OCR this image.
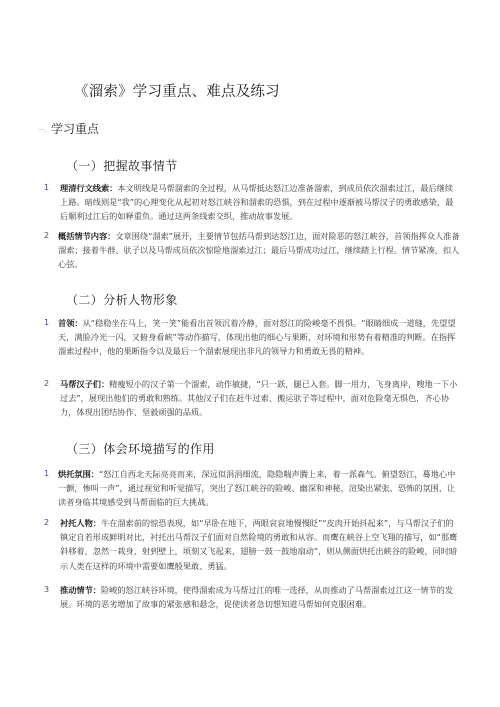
《溜索》学习重点、难点及练习
一、学习重点
（一）把握故事情节
1	理清行文线索：本文明线是马帮溜索的全过程，从马帮抵达怒江边准备溜索，到成员依次溜索过江，最后继续上路。暗线则是“我”的心理变化从起初对怒江峡谷和溜索的恐惧，到在过程中逐渐被马帮汉子的勇敢感染，最后顺利过江后的如释重负。通过这两条线索交织，推动故事发展。
2	概括情节内容：文章围绕“溜索”展开，主要情节包括马帮到达怒江边，面对险恶的怒江峡谷，首领指挥众人准备溜索；接着牛群、驮子以及马帮成员依次惊险地溜索过江；最后马帮成功过江，继续踏上行程。情节紧凑，扣人心弦。
（二）分析人物形象
1	首领：从“稳稳坐在马上，笑一笑”能看出首领沉着冷静，面对怒江的险峻毫不畏惧。“眼睛细成一道缝，先望望天，满脸冷光一闪，又俯身看峡”等动作描写，体现出他的细心与果断，对环境和形势有着精准的判断。在指挥溜索过程中，他的果断指令以及最后一个溜索展现出非凡的领导力和勇敢无畏的精神。
2	马帮汉子们：精瘦短小的汉子第一个溜索，动作敏捷，“只一跃，腿已入套。脚一用力，飞身离岸，嗖地一下小过去”，展现出他们的勇敢和熟练。其他汉子们在赶牛过索、搬运驮子等过程中，面对危险毫无惧色，齐心协力，体现出团结协作、坚毅顽强的品质。
（三）体会环境描写的作用
1	烘托氛围：“怒江自西北天际亮亮而来，深远似涓涓细流，隐隐喘声腾上来，着一派森气。俯望怒江，蓦地心中一颤，惨叫一声”，通过视觉和听觉描写，突出了怒江峡谷的险峻、幽深和神秘，渲染出紧张、恐怖的氛围，让读者身临其境感受到马帮面临的巨大挑战。
2	衬托人物：牛在溜索前的惊恐表现，如“早卧在地下，两眼哀哀地慢慢眨”“皮肉开始抖起来”，与马帮汉子们的镇定自若形成鲜明对比，衬托出马帮汉子们面对自然险境的勇敢和从容。而鹰在峡谷上空飞翔的描写，如“那鹰斜移着，忽然一栽身，射到壁上，顷刻又飞起来，翅膀一鼓一鼓地扇动”，则从侧面烘托出峡谷的险峻，同时暗示人类在这样的环境中需要如鹰般果敢、勇猛。
3	推动情节：险峻的怒江峡谷环境，使得溜索成为马帮过江的唯一选择，从而推动了马帮溜索过江这一情节的发展。环境的恶劣增加了故事的紧张感和悬念，促使读者急切想知道马帮如何克服困难。
